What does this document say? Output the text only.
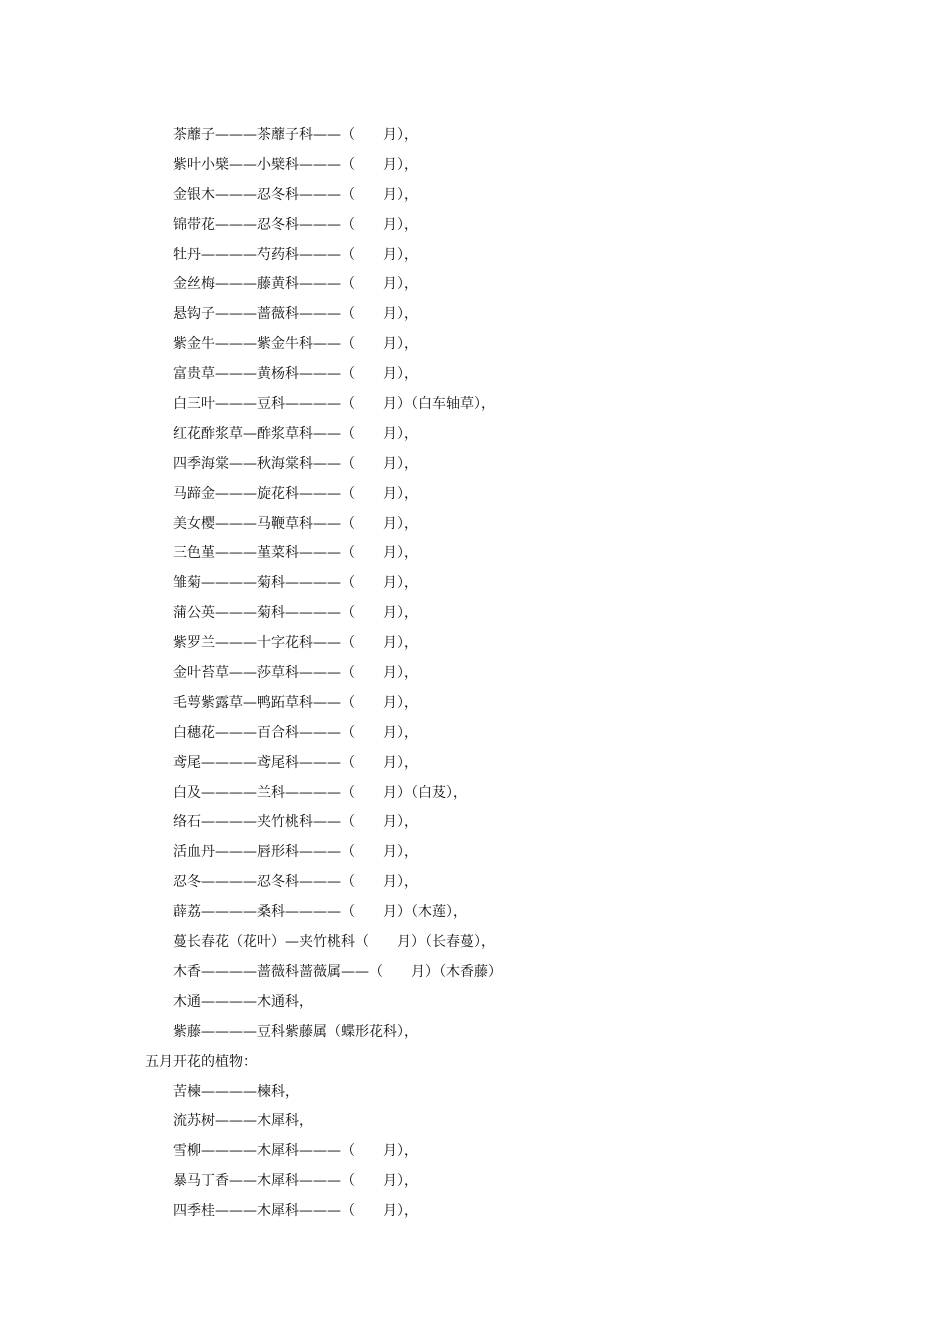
茶蘼子———茶蘼子科——（　　月），
紫叶小檗——小檗科———（　　月），
金银木———忍冬科———（　　月），
锦带花———忍冬科———（　　月），
牡丹————芍药科———（　　月），
金丝梅———藤黄科———（　　月），
悬钩子———蔷薇科———（　　月），
紫金牛———紫金牛科——（　　月），
富贵草———黄杨科———（　　月），
白三叶———豆科————（　　月）（白车轴草），
红花酢浆草—酢浆草科——（　　月），
四季海棠——秋海棠科——（　　月），
马蹄金———旋花科———（　　月），
美女樱———马鞭草科——（　　月），
三色堇———堇菜科———（　　月），
雏菊————菊科————（　　月），
蒲公英———菊科————（　　月），
紫罗兰———十字花科——（　　月），
金叶苔草——莎草科———（　　月），
毛萼紫露草—鸭跖草科——（　　月），
白穗花———百合科———（　　月），
鸢尾————鸢尾科———（　　月），
白及————兰科————（　　月）（白芨），
络石————夹竹桃科——（　　月），
活血丹———唇形科———（　　月），
忍冬————忍冬科———（　　月），
薜荔————桑科————（　　月）（木莲），
蔓长春花（花叶）—夹竹桃科（　　月）（长春蔓），
木香————蔷薇科蔷薇属——（　　月）（木香藤）
木通————木通科，
紫藤————豆科紫藤属（蝶形花科），
五月开花的植物：
苦楝————楝科，
流苏树———木犀科，
雪柳————木犀科———（　　月），
暴马丁香——木犀科———（　　月），
四季桂———木犀科———（　　月），
